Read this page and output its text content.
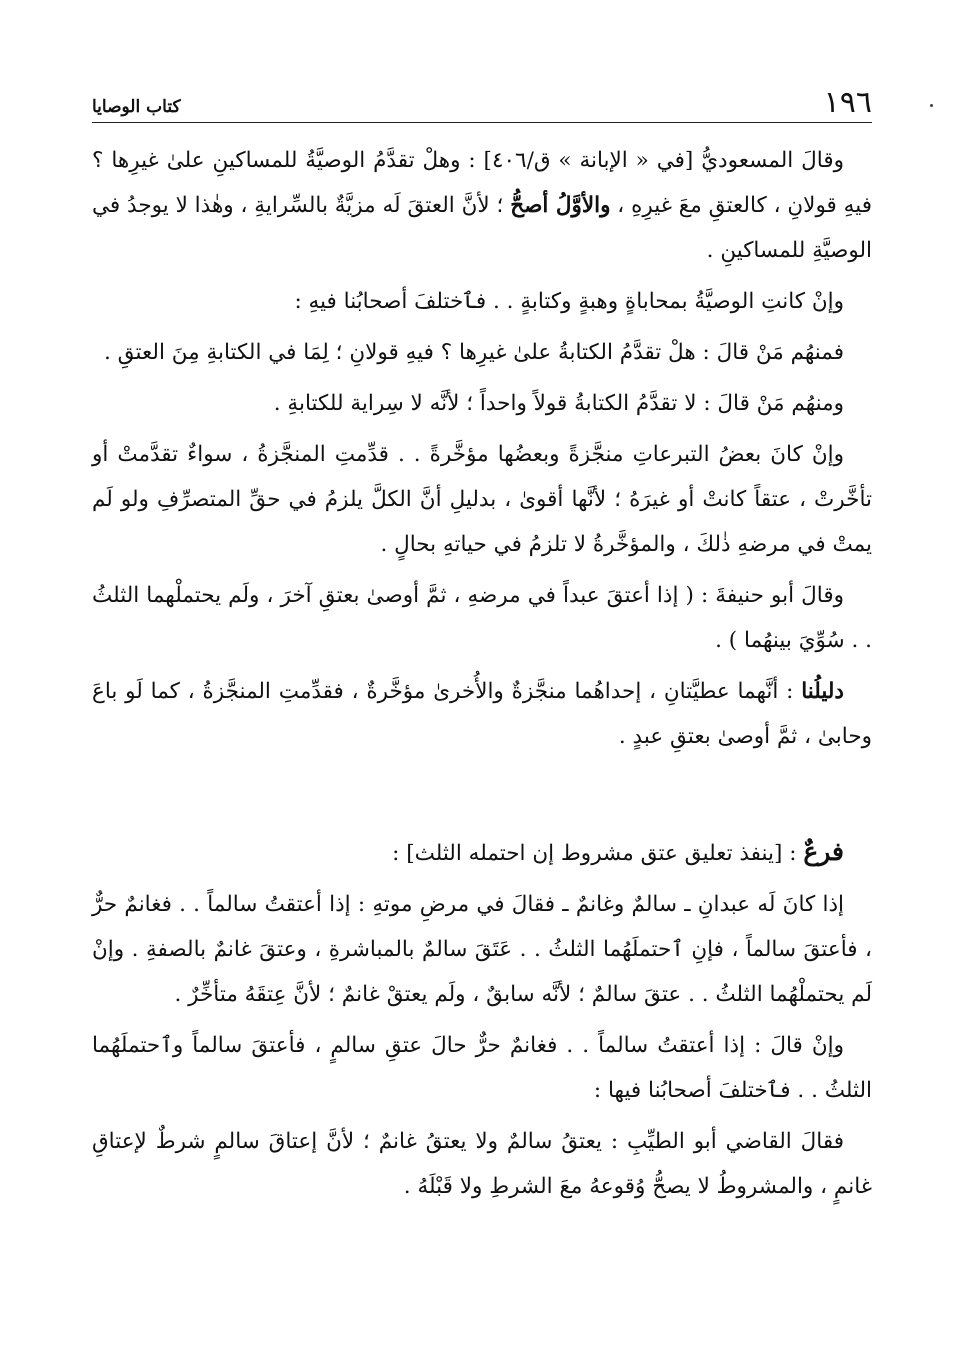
١٩٦
كتاب الوصايا

وقالَ المسعوديُّ [في « الإبانة » ق/٤٠٦] : وهلْ تقدَّمُ الوصيَّةُ للمساكينِ علىٰ غيرِها ؟ فيهِ قولانِ ، كالعتقِ معَ غيرِهِ ، والأوَّلُ أصحُّ ؛ لأنَّ العتقَ لَه مزيَّةٌ بالسِّرايةِ ، وهٰذا لا يوجدُ في الوصيَّةِ للمساكينِ .

وإنْ كانتِ الوصيَّةُ بمحاباةٍ وهبةٍ وكتابةٍ . . فٱختلفَ أصحابُنا فيهِ :

فمنهُم مَنْ قالَ : هلْ تقدَّمُ الكتابةُ علىٰ غيرِها ؟ فيهِ قولانِ ؛ لِمَا في الكتابةِ مِنَ العتقِ .

ومنهُم مَنْ قالَ : لا تقدَّمُ الكتابةُ قولاً واحداً ؛ لأنَّه لا سِراية للكتابةِ .

وإنْ كانَ بعضُ التبرعاتِ منجَّزةً وبعضُها مؤخَّرةً . . قدِّمتِ المنجَّزةُ ، سواءٌ تقدَّمتْ أو تأخَّرتْ ، عتقاً كانتْ أو غيرَهُ ؛ لأنَّها أقوىٰ ، بدليلِ أنَّ الكلَّ يلزمُ في حقِّ المتصرِّفِ ولو لَم يمتْ في مرضهِ ذٰلكَ ، والمؤخَّرةُ لا تلزمُ في حياتهِ بحالٍ .

وقالَ أبو حنيفةَ : ( إذا أعتقَ عبداً في مرضهِ ، ثمَّ أوصىٰ بعتقِ آخرَ ، ولَم يحتملْهما الثلثُ . . سُوِّيَ بينهُما ) .

دليلُنا : أنَّهما عطيَّتانِ ، إحداهُما منجَّزةٌ والأُخرىٰ مؤخَّرةٌ ، فقدِّمتِ المنجَّزةُ ، كما لَو باعَ وحابىٰ ، ثمَّ أوصىٰ بعتقِ عبدٍ .

فرعٌ : [ينفذ تعليق عتق مشروط إن احتمله الثلث] :

إذا كانَ لَه عبدانِ ـ سالمٌ وغانمٌ ـ فقالَ في مرضِ موتهِ : إذا أعتقتُ سالماً . . فغانمٌ حرٌّ ، فأعتقَ سالماً ، فإنِ ٱحتملَهُما الثلثُ . . عَتَقَ سالمٌ بالمباشرةِ ، وعتقَ غانمٌ بالصفةِ . وإنْ لَم يحتملْهُما الثلثُ . . عتقَ سالمٌ ؛ لأنَّه سابقٌ ، ولَم يعتقْ غانمٌ ؛ لأنَّ عِتقَهُ متأخِّرٌ .

وإنْ قالَ : إذا أعتقتُ سالماً . . فغانمٌ حرٌّ حالَ عتقِ سالمٍ ، فأعتقَ سالماً وٱحتملَهُما الثلثُ . . فٱختلفَ أصحابُنا فيها :

فقالَ القاضي أبو الطيِّبِ : يعتقُ سالمٌ ولا يعتقُ غانمٌ ؛ لأنَّ إعتاقَ سالمٍ شرطٌ لإعتاقِ غانمٍ ، والمشروطُ لا يصحُّ وُقوعهُ معَ الشرطِ ولا قَبْلَهُ .
